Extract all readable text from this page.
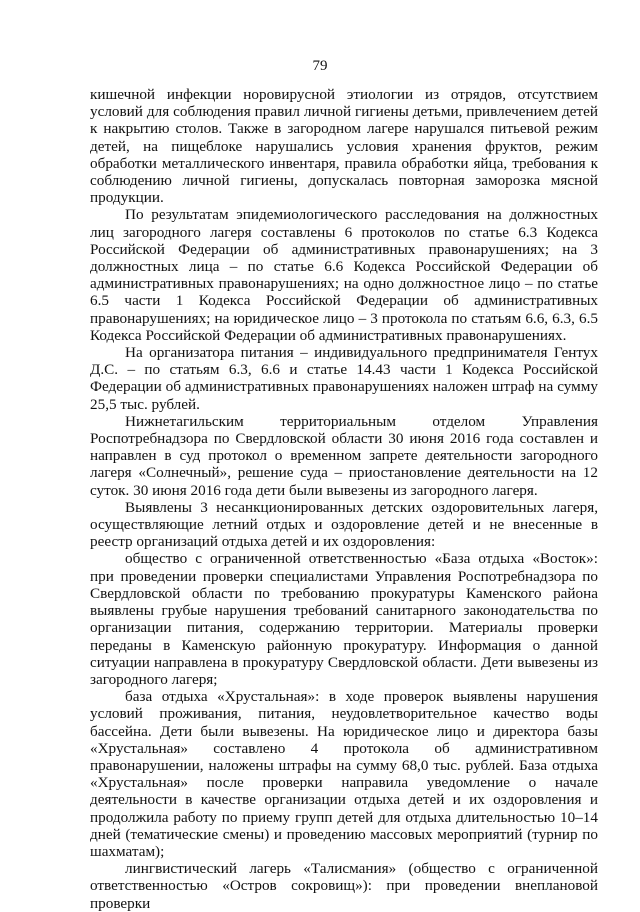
79

кишечной инфекции норовирусной этиологии из отрядов, отсутствием условий для соблюдения правил личной гигиены детьми, привлечением детей к накрытию столов. Также в загородном лагере нарушался питьевой режим детей, на пищеблоке нарушались условия хранения фруктов, режим обработки металлического инвентаря, правила обработки яйца, требования к соблюдению личной гигиены, допускалась повторная заморозка мясной продукции.

По результатам эпидемиологического расследования на должностных лиц загородного лагеря составлены 6 протоколов по статье 6.3 Кодекса Российской Федерации об административных правонарушениях; на 3 должностных лица – по статье 6.6 Кодекса Российской Федерации об административных правонарушениях; на одно должностное лицо – по статье 6.5 части 1 Кодекса Российской Федерации об административных правонарушениях; на юридическое лицо – 3 протокола по статьям 6.6, 6.3, 6.5 Кодекса Российской Федерации об административных правонарушениях.

На организатора питания – индивидуального предпринимателя Гентух Д.С. – по статьям 6.3, 6.6 и статье 14.43 части 1 Кодекса Российской Федерации об административных правонарушениях наложен штраф на сумму 25,5 тыс. рублей.

Нижнетагильским территориальным отделом Управления Роспотребнадзора по Свердловской области 30 июня 2016 года составлен и направлен в суд протокол о временном запрете деятельности загородного лагеря «Солнечный», решение суда – приостановление деятельности на 12 суток. 30 июня 2016 года дети были вывезены из загородного лагеря.

Выявлены 3 несанкционированных детских оздоровительных лагеря, осуществляющие летний отдых и оздоровление детей и не внесенные в реестр организаций отдыха детей и их оздоровления:

общество с ограниченной ответственностью «База отдыха «Восток»: при проведении проверки специалистами Управления Роспотребнадзора по Свердловской области по требованию прокуратуры Каменского района выявлены грубые нарушения требований санитарного законодательства по организации питания, содержанию территории. Материалы проверки переданы в Каменскую районную прокуратуру. Информация о данной ситуации направлена в прокуратуру Свердловской области. Дети вывезены из загородного лагеря;

база отдыха «Хрустальная»: в ходе проверок выявлены нарушения условий проживания, питания, неудовлетворительное качество воды бассейна. Дети были вывезены. На юридическое лицо и директора базы «Хрустальная» составлено 4 протокола об административном правонарушении, наложены штрафы на сумму 68,0 тыс. рублей. База отдыха «Хрустальная» после проверки направила уведомление о начале деятельности в качестве организации отдыха детей и их оздоровления и продолжила работу по приему групп детей для отдыха длительностью 10–14 дней (тематические смены) и проведению массовых мероприятий (турнир по шахматам);

лингвистический лагерь «Талисмания» (общество с ограниченной ответственностью «Остров сокровищ»): при проведении внеплановой проверки
